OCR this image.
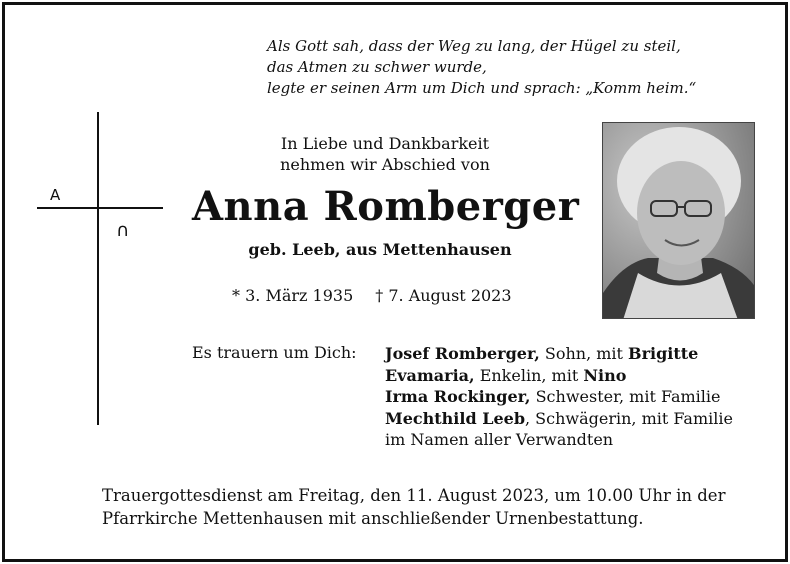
Als Gott sah, dass der Weg zu lang, der Hügel zu steil,
das Atmen zu schwer wurde,
legte er seinen Arm um Dich und sprach: „Komm heim.“
A
∩
In Liebe und Dankbarkeit
nehmen wir Abschied von
Anna Romberger
geb. Leeb, aus Mettenhausen
* 3. März 1935 † 7. August 2023
Es trauern um Dich: Josef Romberger, Sohn, mit Brigitte
Evamaria, Enkelin, mit Nino
Irma Rockinger, Schwester, mit Familie
Mechthild Leeb, Schwägerin, mit Familie
im Namen aller Verwandten
Trauergottesdienst am Freitag, den 11. August 2023, um 10.00 Uhr in der
Pfarrkirche Mettenhausen mit anschließender Urnenbestattung.
